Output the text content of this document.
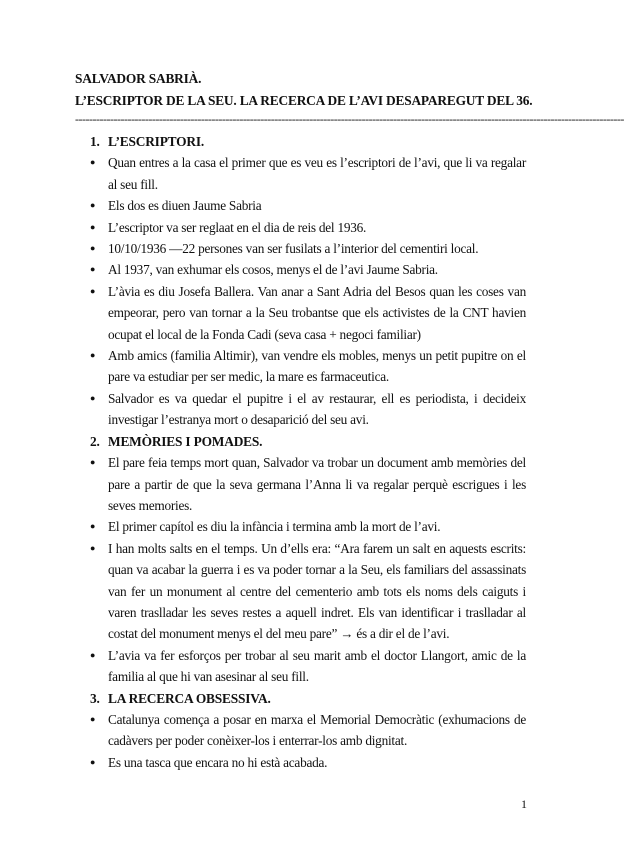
SALVADOR SABRIÀ.
L’ESCRIPTOR DE LA SEU. LA RECERCA DE L’AVI DESAPAREGUT DEL 36.
-------------------------------------------------------------------------------------------------------------------------------------------------------------
1. L’ESCRIPTORI.
● Quan entres a la casa el primer que es veu es l’escriptori de l’avi, que li va regalar al seu fill.
● Els dos es diuen Jaume Sabria
● L’escriptor va ser reglaat en el dia de reis del 1936.
● 10/10/1936 —22 persones van ser fusilats a l’interior del cementiri local.
● Al 1937, van exhumar els cosos, menys el de l’avi Jaume Sabria.
● L’àvia es diu Josefa Ballera. Van anar a Sant Adria del Besos quan les coses van empeorar, pero van tornar a la Seu trobantse que els activistes de la CNT havien ocupat el local de la Fonda Cadi (seva casa + negoci familiar)
● Amb amics (familia Altimir), van vendre els mobles, menys un petit pupitre on el pare va estudiar per ser medic, la mare es farmaceutica.
● Salvador es va quedar el pupitre i el av restaurar, ell es periodista, i decideix investigar l’estranya mort o desaparició del seu avi.
2. MEMÒRIES I POMADES.
● El pare feia temps mort quan, Salvador va trobar un document amb memòries del pare a partir de que la seva germana l’Anna li va regalar perquè escrigues i les seves memories.
● El primer capítol es diu la infància i termina amb la mort de l’avi.
● I han molts salts en el temps. Un d’ells era: “Ara farem un salt en aquests escrits: quan va acabar la guerra i es va poder tornar a la Seu, els familiars del assassinats van fer un monument al centre del cementerio amb tots els noms dels caiguts i varen traslladar les seves restes a aquell indret. Els van identificar i traslladar al costat del monument menys el del meu pare” → és a dir el de l’avi.
● L’avia va fer esforços per trobar al seu marit amb el doctor Llangort, amic de la familia al que hi van asesinar al seu fill.
3. LA RECERCA OBSESSIVA.
● Catalunya comença a posar en marxa el Memorial Democràtic (exhumacions de cadàvers per poder conèixer-los i enterrar-los amb dignitat.
● Es una tasca que encara no hi està acabada.
1
